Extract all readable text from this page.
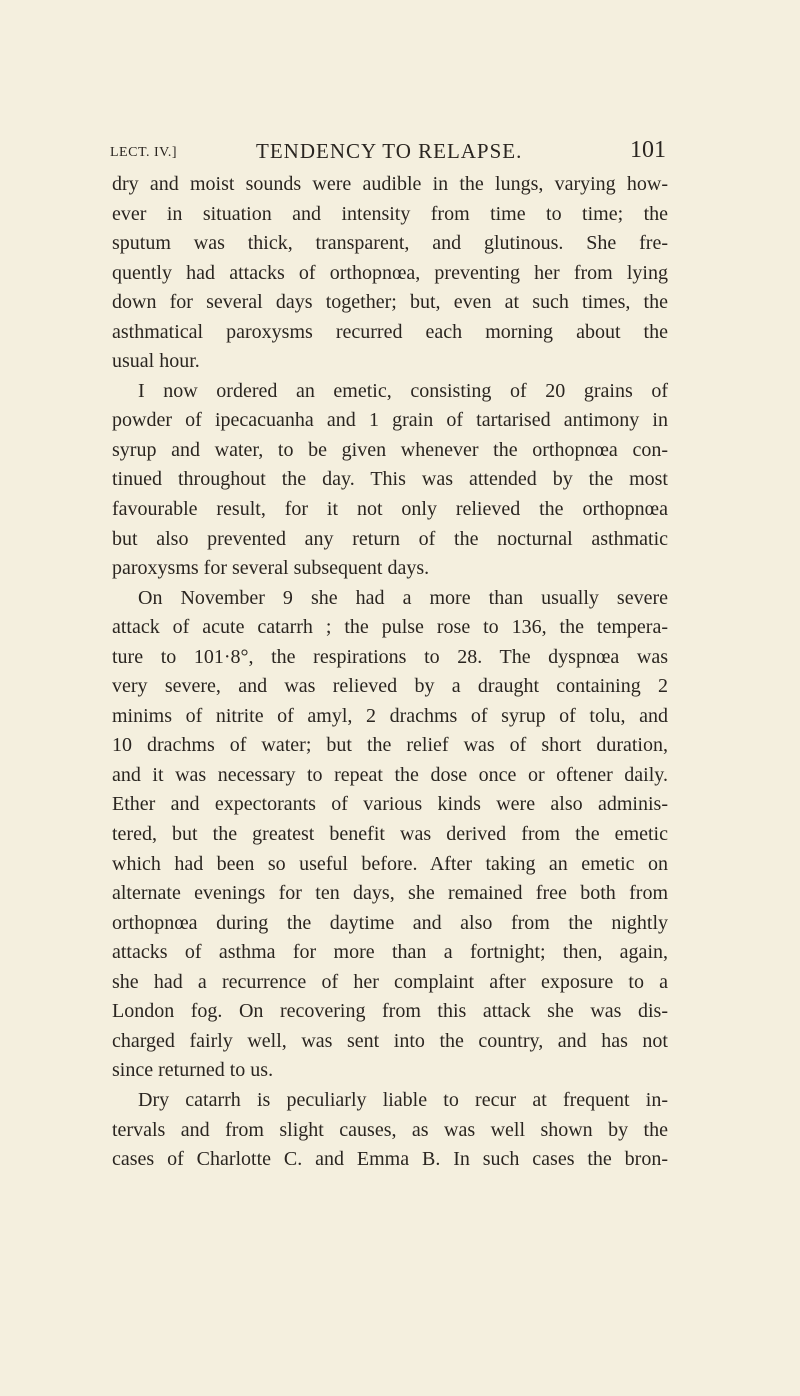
LECT. IV.]	TENDENCY TO RELAPSE.	101
dry and moist sounds were audible in the lungs, varying how-
ever in situation and intensity from time to time; the
sputum was thick, transparent, and glutinous. She fre-
quently had attacks of orthopnœa, preventing her from lying
down for several days together; but, even at such times, the
asthmatical paroxysms recurred each morning about the
usual hour.
I now ordered an emetic, consisting of 20 grains of
powder of ipecacuanha and 1 grain of tartarised antimony in
syrup and water, to be given whenever the orthopnœa con-
tinued throughout the day. This was attended by the most
favourable result, for it not only relieved the orthopnœa
but also prevented any return of the nocturnal asthmatic
paroxysms for several subsequent days.
On November 9 she had a more than usually severe
attack of acute catarrh ; the pulse rose to 136, the tempera-
ture to 101·8°, the respirations to 28. The dyspnœa was
very severe, and was relieved by a draught containing 2
minims of nitrite of amyl, 2 drachms of syrup of tolu, and
10 drachms of water; but the relief was of short duration,
and it was necessary to repeat the dose once or oftener daily.
Ether and expectorants of various kinds were also adminis-
tered, but the greatest benefit was derived from the emetic
which had been so useful before. After taking an emetic on
alternate evenings for ten days, she remained free both from
orthopnœa during the daytime and also from the nightly
attacks of asthma for more than a fortnight; then, again,
she had a recurrence of her complaint after exposure to a
London fog. On recovering from this attack she was dis-
charged fairly well, was sent into the country, and has not
since returned to us.
Dry catarrh is peculiarly liable to recur at frequent in-
tervals and from slight causes, as was well shown by the
cases of Charlotte C. and Emma B. In such cases the bron-
